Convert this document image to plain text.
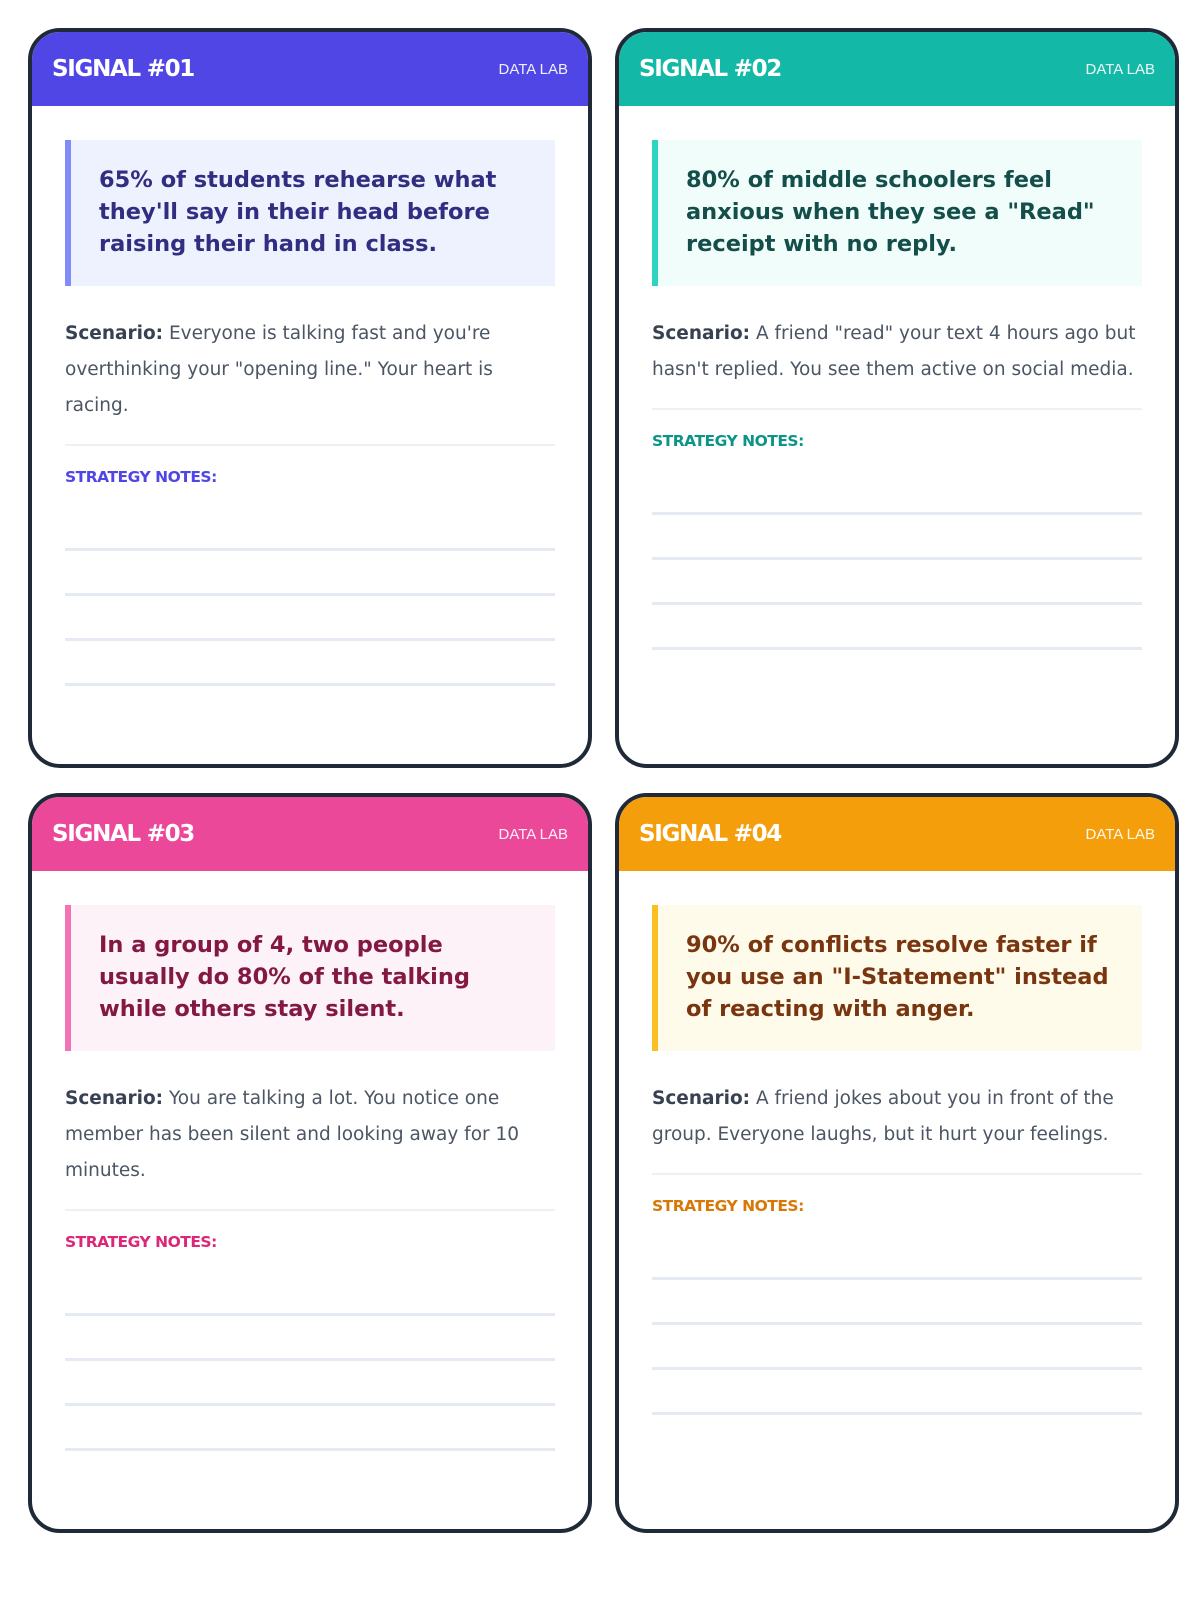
SIGNAL #01	DATA LAB
65% of students rehearse what they'll say in their head before raising their hand in class.
Scenario: Everyone is talking fast and you're overthinking your "opening line." Your heart is racing.
STRATEGY NOTES:
SIGNAL #02	DATA LAB
80% of middle schoolers feel anxious when they see a "Read" receipt with no reply.
Scenario: A friend "read" your text 4 hours ago but hasn't replied. You see them active on social media.
STRATEGY NOTES:
SIGNAL #03	DATA LAB
In a group of 4, two people usually do 80% of the talking while others stay silent.
Scenario: You are talking a lot. You notice one member has been silent and looking away for 10 minutes.
STRATEGY NOTES:
SIGNAL #04	DATA LAB
90% of conflicts resolve faster if you use an "I-Statement" instead of reacting with anger.
Scenario: A friend jokes about you in front of the group. Everyone laughs, but it hurt your feelings.
STRATEGY NOTES:
